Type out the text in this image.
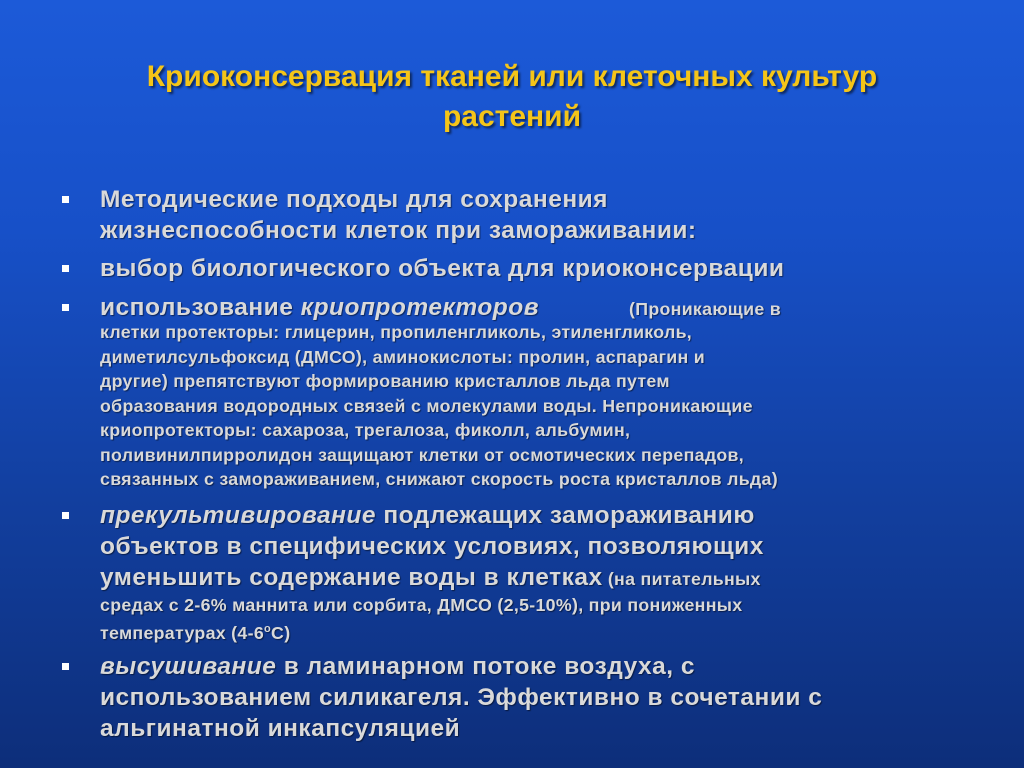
Криоконсервация тканей или клеточных культур
растений
Методические подходы для сохранения
жизнеспособности клеток при замораживании:
выбор биологического объекта для криоконсервации
использование криопротекторов	(Проникающие в
клетки протекторы: глицерин, пропиленгликоль, этиленгликоль,
диметилсульфоксид (ДМСО), аминокислоты: пролин, аспарагин и
другие) препятствуют формированию кристаллов льда путем
образования водородных связей с молекулами воды. Непроникающие
криопротекторы: сахароза, трегалоза, фиколл, альбумин,
поливинилпирролидон защищают клетки от осмотических перепадов,
связанных с замораживанием, снижают скорость роста кристаллов льда)
прекультивирование подлежащих замораживанию
объектов в специфических условиях, позволяющих
уменьшить содержание воды в клетках (на питательных
средах с 2-6% маннита или сорбита, ДМСО (2,5-10%), при пониженных
температурах $(4-6^оС)$
высушивание в ламинарном потоке воздуха, с
использованием силикагеля. Эффективно в сочетании с
альгинатной инкапсуляцией
